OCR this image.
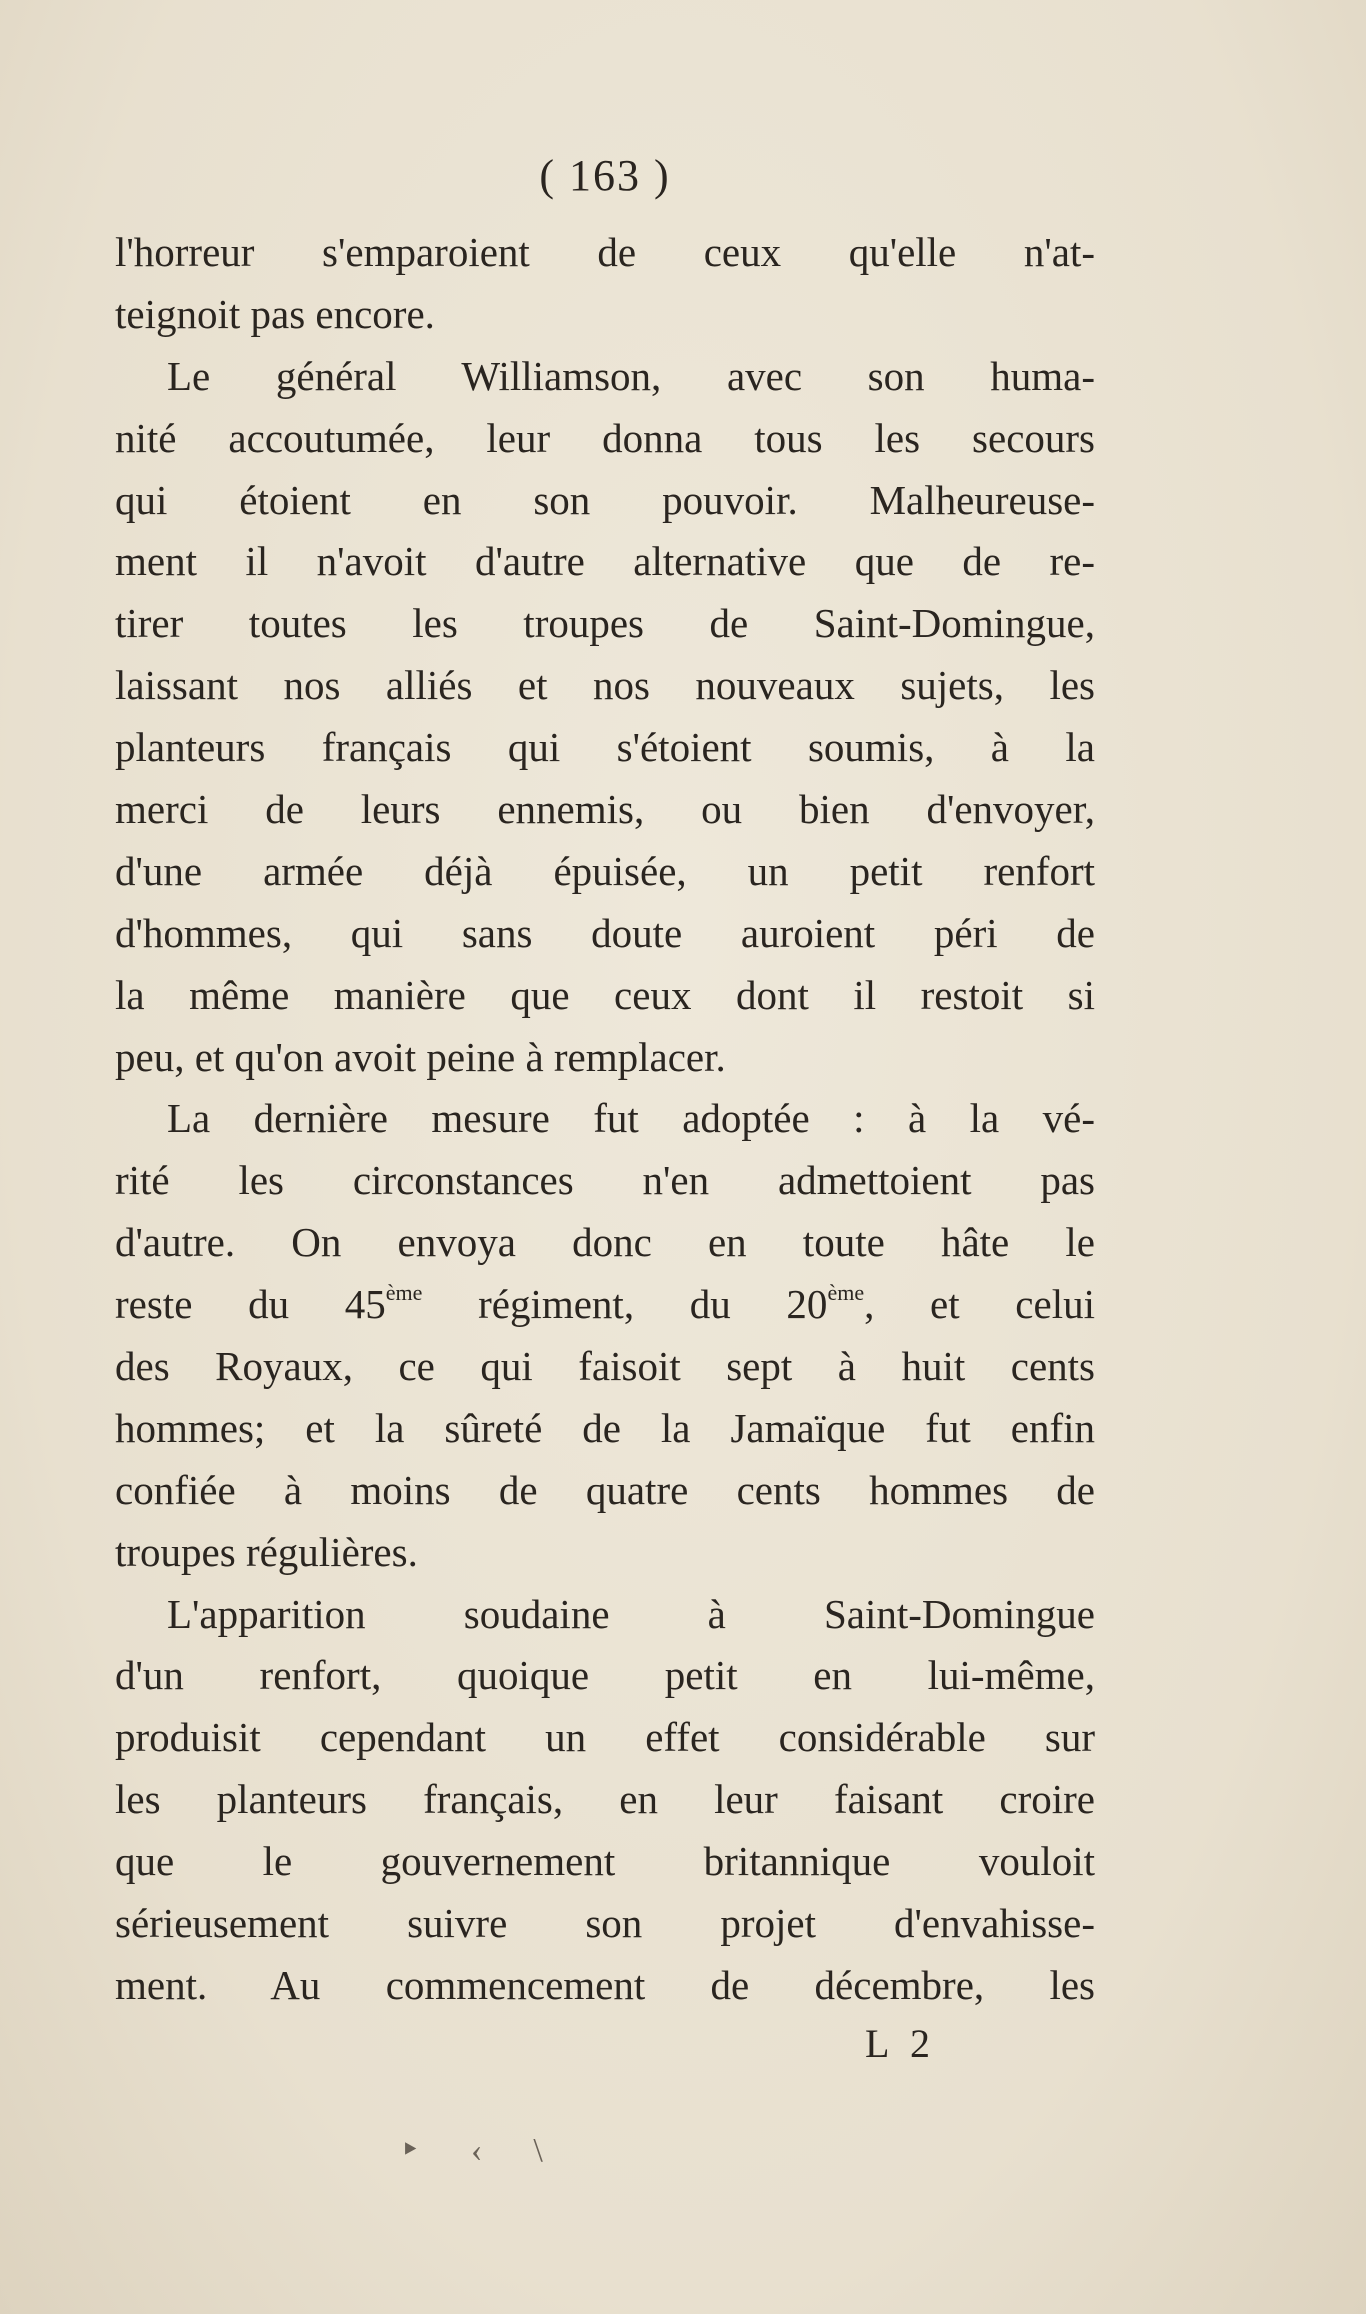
( 163 )
l'horreur s'emparoient de ceux qu'elle n'at-
teignoit pas encore.
Le général Williamson, avec son huma-
nité accoutumée, leur donna tous les secours
qui étoient en son pouvoir. Malheureuse-
ment il n'avoit d'autre alternative que de re-
tirer toutes les troupes de Saint-Domingue,
laissant nos alliés et nos nouveaux sujets, les
planteurs français qui s'étoient soumis, à la
merci de leurs ennemis, ou bien d'envoyer,
d'une armée déjà épuisée, un petit renfort
d'hommes, qui sans doute auroient péri de
la même manière que ceux dont il restoit si
peu, et qu'on avoit peine à remplacer.
La dernière mesure fut adoptée : à la vé-
rité les circonstances n'en admettoient pas
d'autre. On envoya donc en toute hâte le
reste du 45ème régiment, du 20ème, et celui
des Royaux, ce qui faisoit sept à huit cents
hommes; et la sûreté de la Jamaïque fut enfin
confiée à moins de quatre cents hommes de
troupes régulières.
L'apparition soudaine à Saint-Domingue
d'un renfort, quoique petit en lui-même,
produisit cependant un effet considérable sur
les planteurs français, en leur faisant croire
que le gouvernement britannique vouloit
sérieusement suivre son projet d'envahisse-
ment. Au commencement de décembre, les
L 2
‣      ‹      \
